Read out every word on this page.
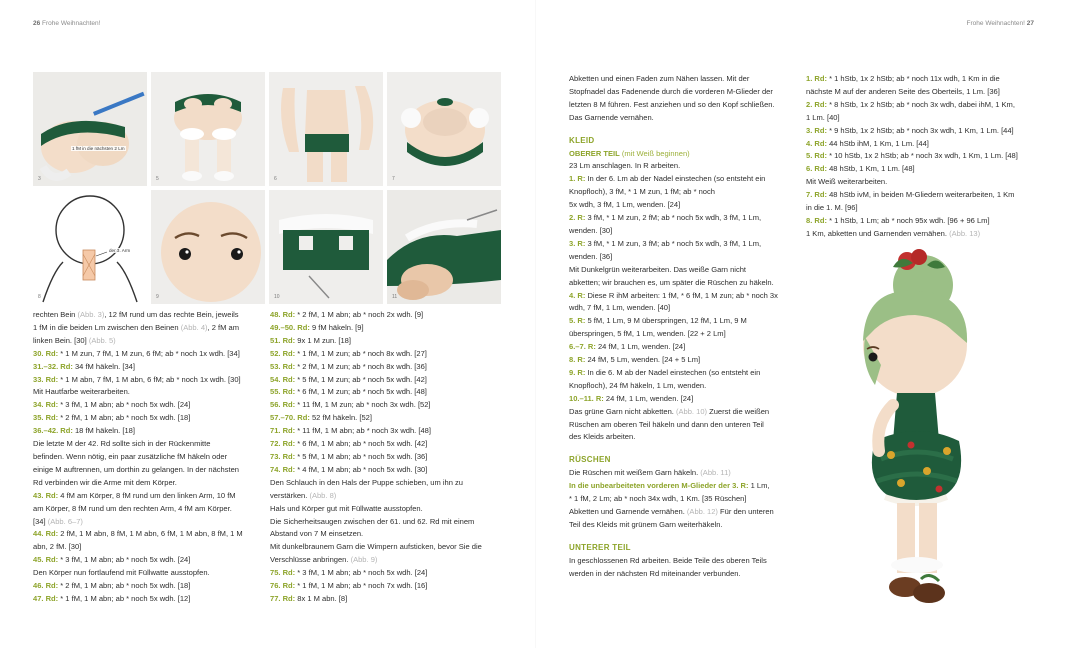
26 Frohe Weihnachten!	Frohe Weihnachten! 27
1 fM in die nächsten 2 Lm
3	5	6	7
der 3. Arm
8	9	10	11

rechten Bein (Abb. 3), 12 fM rund um das rechte Bein, jeweils

1 fM in die beiden Lm zwischen den Beinen (Abb. 4), 2 fM am

linken Bein. [30] (Abb. 5)

30. Rd: * 1 M zun, 7 fM, 1 M zun, 6 fM; ab * noch 1x wdh. [34]

31.–32. Rd: 34 fM häkeln. [34]

33. Rd: * 1 M abn, 7 fM, 1 M abn, 6 fM; ab * noch 1x wdh. [30]

Mit Hautfarbe weiterarbeiten.

34. Rd: * 3 fM, 1 M abn; ab * noch 5x wdh. [24]

35. Rd: * 2 fM, 1 M abn; ab * noch 5x wdh. [18]

36.–42. Rd: 18 fM häkeln. [18]

Die letzte M der 42. Rd sollte sich in der Rückenmitte

befinden. Wenn nötig, ein paar zusätzliche fM häkeln oder

einige M auftrennen, um dorthin zu gelangen. In der nächsten

Rd verbinden wir die Arme mit dem Körper.

43. Rd: 4 fM am Körper, 8 fM rund um den linken Arm, 10 fM

am Körper, 8 fM rund um den rechten Arm, 4 fM am Körper.

[34] (Abb. 6–7)

44. Rd: 2 fM, 1 M abn, 8 fM, 1 M abn, 6 fM, 1 M abn, 8 fM, 1 M

abn, 2 fM. [30]

45. Rd: * 3 fM, 1 M abn; ab * noch 5x wdh. [24]

Den Körper nun fortlaufend mit Füllwatte ausstopfen.

46. Rd: * 2 fM, 1 M abn; ab * noch 5x wdh. [18]

47. Rd: * 1 fM, 1 M abn; ab * noch 5x wdh. [12]

48. Rd: * 2 fM, 1 M abn; ab * noch 2x wdh. [9]

49.–50. Rd: 9 fM häkeln. [9]

51. Rd: 9x 1 M zun. [18]

52. Rd: * 1 fM, 1 M zun; ab * noch 8x wdh. [27]

53. Rd: * 2 fM, 1 M zun; ab * noch 8x wdh. [36]

54. Rd: * 5 fM, 1 M zun; ab * noch 5x wdh. [42]

55. Rd: * 6 fM, 1 M zun; ab * noch 5x wdh. [48]

56. Rd: * 11 fM, 1 M zun; ab * noch 3x wdh. [52]

57.–70. Rd: 52 fM häkeln. [52]

71. Rd: * 11 fM, 1 M abn; ab * noch 3x wdh. [48]

72. Rd: * 6 fM, 1 M abn; ab * noch 5x wdh. [42]

73. Rd: * 5 fM, 1 M abn; ab * noch 5x wdh. [36]

74. Rd: * 4 fM, 1 M abn; ab * noch 5x wdh. [30]

Den Schlauch in den Hals der Puppe schieben, um ihn zu

verstärken. (Abb. 8)

Hals und Körper gut mit Füllwatte ausstopfen.

Die Sicherheitsaugen zwischen der 61. und 62. Rd mit einem

Abstand von 7 M einsetzen.

Mit dunkelbraunem Garn die Wimpern aufsticken, bevor Sie die

Verschlüsse anbringen. (Abb. 9)

75. Rd: * 3 fM, 1 M abn; ab * noch 5x wdh. [24]

76. Rd: * 1 fM, 1 M abn; ab * noch 7x wdh. [16]

77. Rd: 8x 1 M abn. [8]

Abketten und einen Faden zum Nähen lassen. Mit der

Stopfnadel das Fadenende durch die vorderen M-Glieder der

letzten 8 M führen. Fest anziehen und so den Kopf schließen.

Das Garnende vernähen.

KLEID

OBERER TEIL (mit Weiß beginnen)

23 Lm anschlagen. In R arbeiten.

1. R: In der 6. Lm ab der Nadel einstechen (so entsteht ein

Knopfloch), 3 fM, * 1 M zun, 1 fM; ab * noch

5x wdh, 3 fM, 1 Lm, wenden. [24]

2. R: 3 fM, * 1 M zun, 2 fM; ab * noch 5x wdh, 3 fM, 1 Lm,

wenden. [30]

3. R: 3 fM, * 1 M zun, 3 fM; ab * noch 5x wdh, 3 fM, 1 Lm,

wenden. [36]

Mit Dunkelgrün weiterarbeiten. Das weiße Garn nicht

abketten; wir brauchen es, um später die Rüschen zu häkeln.

4. R: Diese R ihM arbeiten: 1 fM, * 6 fM, 1 M zun; ab * noch 3x

wdh, 7 fM, 1 Lm, wenden. [40]

5. R: 5 fM, 1 Lm, 9 M überspringen, 12 fM, 1 Lm, 9 M

überspringen, 5 fM, 1 Lm, wenden. [22 + 2 Lm]

6.–7. R: 24 fM, 1 Lm, wenden. [24]

8. R: 24 fM, 5 Lm, wenden. [24 + 5 Lm]

9. R: In die 6. M ab der Nadel einstechen (so entsteht ein

Knopfloch), 24 fM häkeln, 1 Lm, wenden.

10.–11. R: 24 fM, 1 Lm, wenden. [24]

Das grüne Garn nicht abketten. (Abb. 10) Zuerst die weißen

Rüschen am oberen Teil häkeln und dann den unteren Teil

des Kleids arbeiten.

RÜSCHEN

Die Rüschen mit weißem Garn häkeln. (Abb. 11)

In die unbearbeiteten vorderen M-Glieder der 3. R: 1 Lm,

* 1 fM, 2 Lm; ab * noch 34x wdh, 1 Km. [35 Rüschen]

Abketten und Garnende vernähen. (Abb. 12) Für den unteren

Teil des Kleids mit grünem Garn weiterhäkeln.

UNTERER TEIL

In geschlossenen Rd arbeiten. Beide Teile des oberen Teils

werden in der nächsten Rd miteinander verbunden.

1. Rd: * 1 hStb, 1x 2 hStb; ab * noch 11x wdh, 1 Km in die

nächste M auf der anderen Seite des Oberteils, 1 Lm. [36]

2. Rd: * 8 hStb, 1x 2 hStb; ab * noch 3x wdh, dabei ihM, 1 Km,

1 Lm. [40]

3. Rd: * 9 hStb, 1x 2 hStb; ab * noch 3x wdh, 1 Km, 1 Lm. [44]

4. Rd: 44 hStb ihM, 1 Km, 1 Lm. [44]

5. Rd: * 10 hStb, 1x 2 hStb; ab * noch 3x wdh, 1 Km, 1 Lm. [48]

6. Rd: 48 hStb, 1 Km, 1 Lm. [48]

Mit Weiß weiterarbeiten.

7. Rd: 48 hStb ivM, in beiden M-Gliedern weiterarbeiten, 1 Km

in die 1. M. [96]

8. Rd: * 1 hStb, 1 Lm; ab * noch 95x wdh. [96 + 96 Lm]

1 Km, abketten und Garnenden vernähen. (Abb. 13)
